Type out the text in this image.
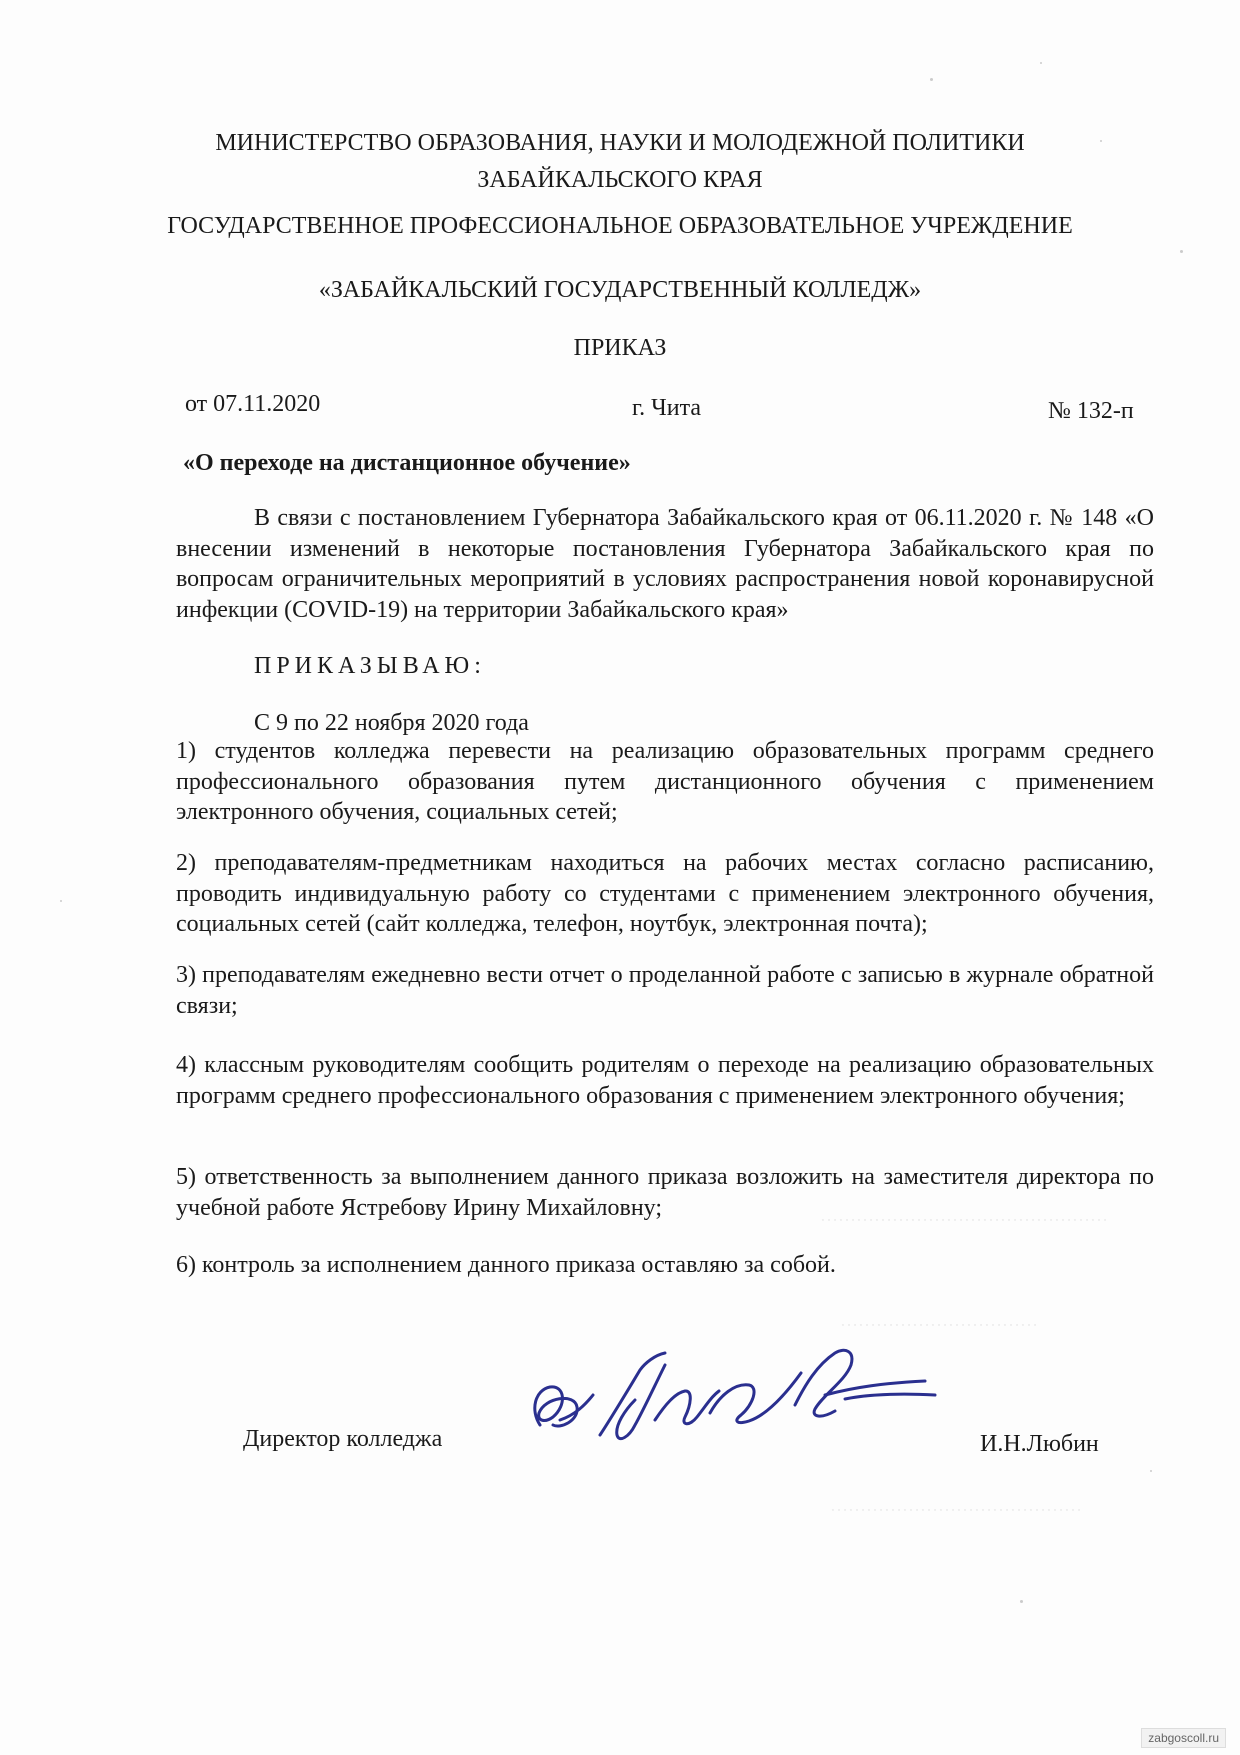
МИНИСТЕРСТВО ОБРАЗОВАНИЯ, НАУКИ И МОЛОДЕЖНОЙ ПОЛИТИКИ
ЗАБАЙКАЛЬСКОГО КРАЯ
ГОСУДАРСТВЕННОЕ ПРОФЕССИОНАЛЬНОЕ ОБРАЗОВАТЕЛЬНОЕ УЧРЕЖДЕНИЕ
«ЗАБАЙКАЛЬСКИЙ ГОСУДАРСТВЕННЫЙ КОЛЛЕДЖ»
ПРИКАЗ
от 07.11.2020	г. Чита	№ 132-п
«О переходе на дистанционное обучение»
В связи с постановлением Губернатора Забайкальского края от 06.11.2020 г. № 148 «О внесении изменений в некоторые постановления Губернатора Забайкальского края по вопросам ограничительных мероприятий в условиях распространения новой коронавирусной инфекции (COVID-19) на территории Забайкальского края»
ПРИКАЗЫВАЮ:
С 9 по 22 ноября 2020 года
1) студентов колледжа перевести на реализацию образовательных программ среднего профессионального образования путем дистанционного обучения с применением электронного обучения, социальных сетей;
2) преподавателям-предметникам находиться на рабочих местах согласно расписанию, проводить индивидуальную работу со студентами с применением электронного обучения, социальных сетей (сайт колледжа, телефон, ноутбук, электронная почта);
3) преподавателям ежедневно вести отчет о проделанной работе с записью в журнале обратной связи;
4) классным руководителям сообщить родителям о переходе на реализацию образовательных программ среднего профессионального образования с применением электронного обучения;
5) ответственность за выполнением данного приказа возложить на заместителя директора по учебной работе Ястребову Ирину Михайловну;
6) контроль за исполнением данного приказа оставляю за собой.
…………………………………………
……………………………
……………………………………
Директор колледжа	И.Н.Любин
zabgoscoll.ru
